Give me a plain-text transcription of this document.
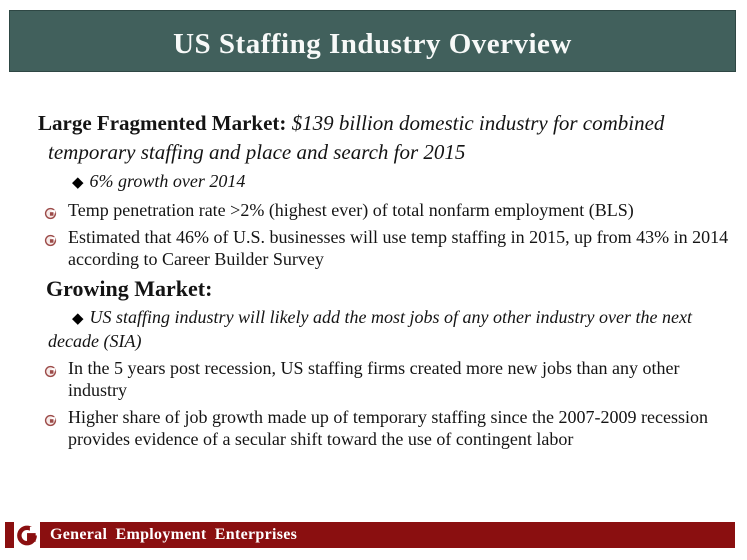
US Staffing Industry Overview

Large Fragmented Market: $139 billion domestic industry for combined temporary staffing and place and search for 2015

◆ 6% growth over 2014

Temp penetration rate >2% (highest ever) of total nonfarm employment (BLS)

Estimated that 46% of U.S. businesses will use temp staffing in 2015, up from 43% in 2014 according to Career Builder Survey

Growing Market:

◆ US staffing industry will likely add the most jobs of any other industry over the next decade (SIA)

In the 5 years post recession, US staffing firms created more new jobs than any other industry

Higher share of job growth made up of temporary staffing since the 2007-2009 recession provides evidence of a secular shift toward the use of contingent labor

General Employment Enterprises
